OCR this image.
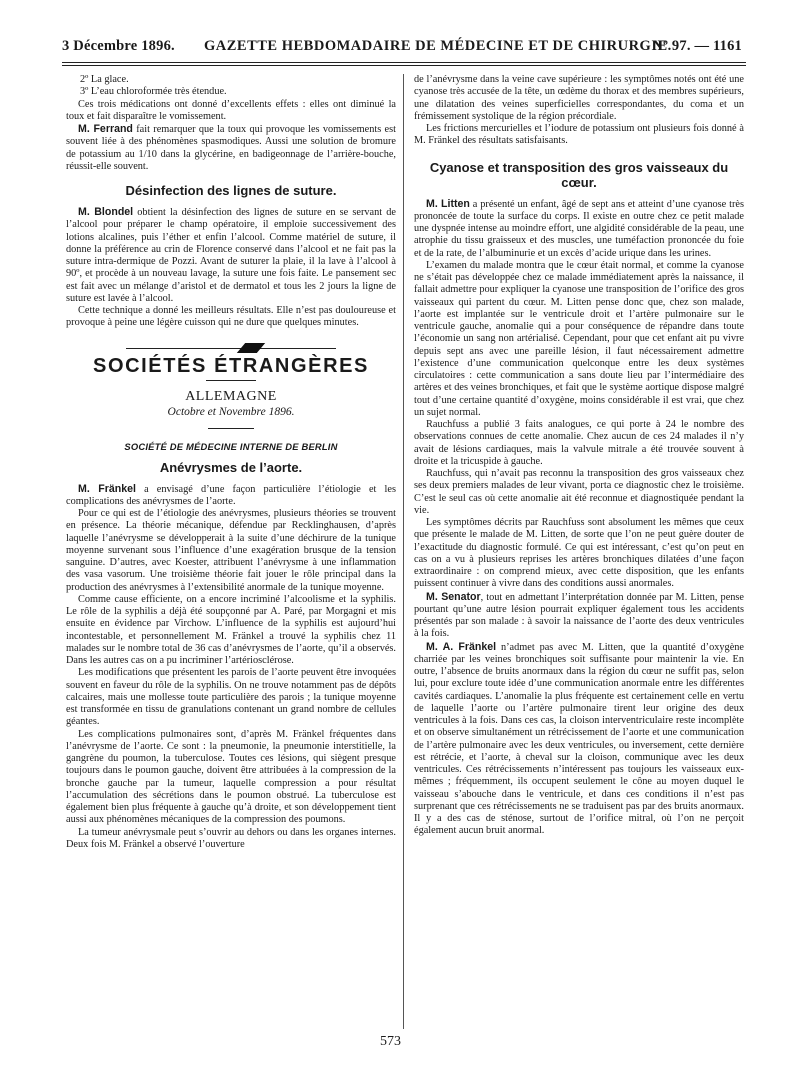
3 Décembre 1896. GAZETTE HEBDOMADAIRE DE MÉDECINE ET DE CHIRURGIE.
Nº 97. — 1161

2º La glace.

3º L’eau chloroformée très étendue.

Ces trois médications ont donné d’excellents effets : elles ont diminué la toux et fait disparaître le vomissement.

M. Ferrand fait remarquer que la toux qui provoque les vomissements est souvent liée à des phénomènes spasmodiques. Aussi une solution de bromure de potassium au 1/10 dans la glycérine, en badigeonnage de l’arrière-bouche, réussit-elle souvent.

Désinfection des lignes de suture.

M. Blondel obtient la désinfection des lignes de suture en se servant de l’alcool pour préparer le champ opératoire, il emploie successivement des lotions alcalines, puis l’éther et enfin l’alcool. Comme matériel de suture, il donne la préférence au crin de Florence conservé dans l’alcool et ne fait pas la suture intra-dermique de Pozzi. Avant de suturer la plaie, il la lave à l’alcool à 90º, et procède à un nouveau lavage, la suture une fois faite. Le pansement sec est fait avec un mélange d’aristol et de dermatol et tous les 2 jours la ligne de suture est lavée à l’alcool.

Cette technique a donné les meilleurs résultats. Elle n’est pas douloureuse et provoque à peine une légère cuisson qui ne dure que quelques minutes.

SOCIÉTÉS ÉTRANGÈRES
ALLEMAGNE
Octobre et Novembre 1896.
SOCIÉTÉ DE MÉDECINE INTERNE DE BERLIN
Anévrysmes de l’aorte.

M. Fränkel a envisagé d’une façon particulière l’étiologie et les complications des anévrysmes de l’aorte.

Pour ce qui est de l’étiologie des anévrysmes, plusieurs théories se trouvent en présence. La théorie mécanique, défendue par Recklinghausen, d’après laquelle l’anévrysme se développerait à la suite d’une déchirure de la tunique moyenne survenant sous l’influence d’une exagération brusque de la tension sanguine. D’autres, avec Koester, attribuent l’anévrysme à une inflammation des vasa vasorum. Une troisième théorie fait jouer le rôle principal dans la production des anévrysmes à l’extensibilité anormale de la tunique moyenne.

Comme cause efficiente, on a encore incriminé l’alcoolisme et la syphilis. Le rôle de la syphilis a déjà été soupçonné par A. Paré, par Morgagni et mis ensuite en évidence par Virchow. L’influence de la syphilis est aujourd’hui incontestable, et personnellement M. Fränkel a trouvé la syphilis chez 11 malades sur le nombre total de 36 cas d’anévrysmes de l’aorte, qu’il a observés. Dans les autres cas on a pu incriminer l’artériosclérose.

Les modifications que présentent les parois de l’aorte peuvent être invoquées souvent en faveur du rôle de la syphilis. On ne trouve notamment pas de dépôts calcaires, mais une mollesse toute particulière des parois ; la tunique moyenne est transformée en tissu de granulations contenant un grand nombre de cellules géantes.

Les complications pulmonaires sont, d’après M. Fränkel fréquentes dans l’anévrysme de l’aorte. Ce sont : la pneumonie, la pneumonie interstitielle, la gangrène du poumon, la tuberculose. Toutes ces lésions, qui siègent presque toujours dans le poumon gauche, doivent être attribuées à la compression de la bronche gauche par la tumeur, laquelle compression a pour résultat l’accumulation des sécrétions dans le poumon obstrué. La tuberculose est également bien plus fréquente à gauche qu’à droite, et son développement tient aussi aux phénomènes mécaniques de la compression des poumons.

La tumeur anévrysmale peut s’ouvrir au dehors ou dans les organes internes. Deux fois M. Fränkel a observé l’ouverture

de l’anévrysme dans la veine cave supérieure : les symptômes notés ont été une cyanose très accusée de la tête, un œdème du thorax et des membres supérieurs, une dilatation des veines superficielles correspondantes, du coma et un frémissement systolique de la région précordiale.

Les frictions mercurielles et l’iodure de potassium ont plusieurs fois donné à M. Fränkel des résultats satisfaisants.

Cyanose et transposition des gros vaisseaux du cœur.

M. Litten a présenté un enfant, âgé de sept ans et atteint d’une cyanose très prononcée de toute la surface du corps. Il existe en outre chez ce petit malade une dyspnée intense au moindre effort, une algidité considérable de la peau, une atrophie du tissu graisseux et des muscles, une tuméfaction prononcée du foie et de la rate, de l’albuminurie et un excès d’acide urique dans les urines.

L’examen du malade montra que le cœur était normal, et comme la cyanose ne s’était pas développée chez ce malade immédiatement après la naissance, il fallait admettre pour expliquer la cyanose une transposition de l’orifice des gros vaisseaux qui partent du cœur. M. Litten pense donc que, chez son malade, l’aorte est implantée sur le ventricule droit et l’artère pulmonaire sur le ventricule gauche, anomalie qui a pour conséquence de répandre dans toute l’économie un sang non artérialisé. Cependant, pour que cet enfant ait pu vivre depuis sept ans avec une pareille lésion, il faut nécessairement admettre l’existence d’une communication quelconque entre les deux systèmes circulatoires : cette communication a sans doute lieu par l’intermédiaire des artères et des veines bronchiques, et fait que le système aortique dispose malgré tout d’une certaine quantité d’oxygène, moins considérable il est vrai, que chez un sujet normal.

Rauchfuss a publié 3 faits analogues, ce qui porte à 24 le nombre des observations connues de cette anomalie. Chez aucun de ces 24 malades il n’y avait de lésions cardiaques, mais la valvule mitrale a été trouvée souvent à droite et la tricuspide à gauche.

Rauchfuss, qui n’avait pas reconnu la transposition des gros vaisseaux chez ses deux premiers malades de leur vivant, porta ce diagnostic chez le troisième. C’est le seul cas où cette anomalie ait été reconnue et diagnostiquée pendant la vie.

Les symptômes décrits par Rauchfuss sont absolument les mêmes que ceux que présente le malade de M. Litten, de sorte que l’on ne peut guère douter de l’exactitude du diagnostic formulé. Ce qui est intéressant, c’est qu’on peut en cas on a vu à plusieurs reprises les artères bronchiques dilatées d’une façon extraordinaire : on comprend mieux, avec cette disposition, que les enfants puissent continuer à vivre dans des conditions aussi anormales.

M. Senator, tout en admettant l’interprétation donnée par M. Litten, pense pourtant qu’une autre lésion pourrait expliquer également tous les accidents présentés par son malade : à savoir la naissance de l’aorte des deux ventricules à la fois.

M. A. Fränkel n’admet pas avec M. Litten, que la quantité d’oxygène charriée par les veines bronchiques soit suffisante pour maintenir la vie. En outre, l’absence de bruits anormaux dans la région du cœur ne suffit pas, selon lui, pour exclure toute idée d’une communication anormale entre les différentes cavités cardiaques. L’anomalie la plus fréquente est certainement celle en vertu de laquelle l’aorte ou l’artère pulmonaire tirent leur origine des deux ventricules à la fois. Dans ces cas, la cloison interventriculaire reste incomplète et on observe simultanément un rétrécissement de l’aorte et une communication de l’artère pulmonaire avec les deux ventricules, ou inversement, cette dernière est rétrécie, et l’aorte, à cheval sur la cloison, communique avec les deux ventricules. Ces rétrécissements n’intéressent pas toujours les vaisseaux eux-mêmes ; fréquemment, ils occupent seulement le cône au moyen duquel le vaisseau s’abouche dans le ventricule, et dans ces conditions il n’est pas surprenant que ces rétrécissements ne se traduisent pas par des bruits anormaux. Il y a des cas de sténose, surtout de l’orifice mitral, où l’on ne perçoit également aucun bruit anormal.

573
